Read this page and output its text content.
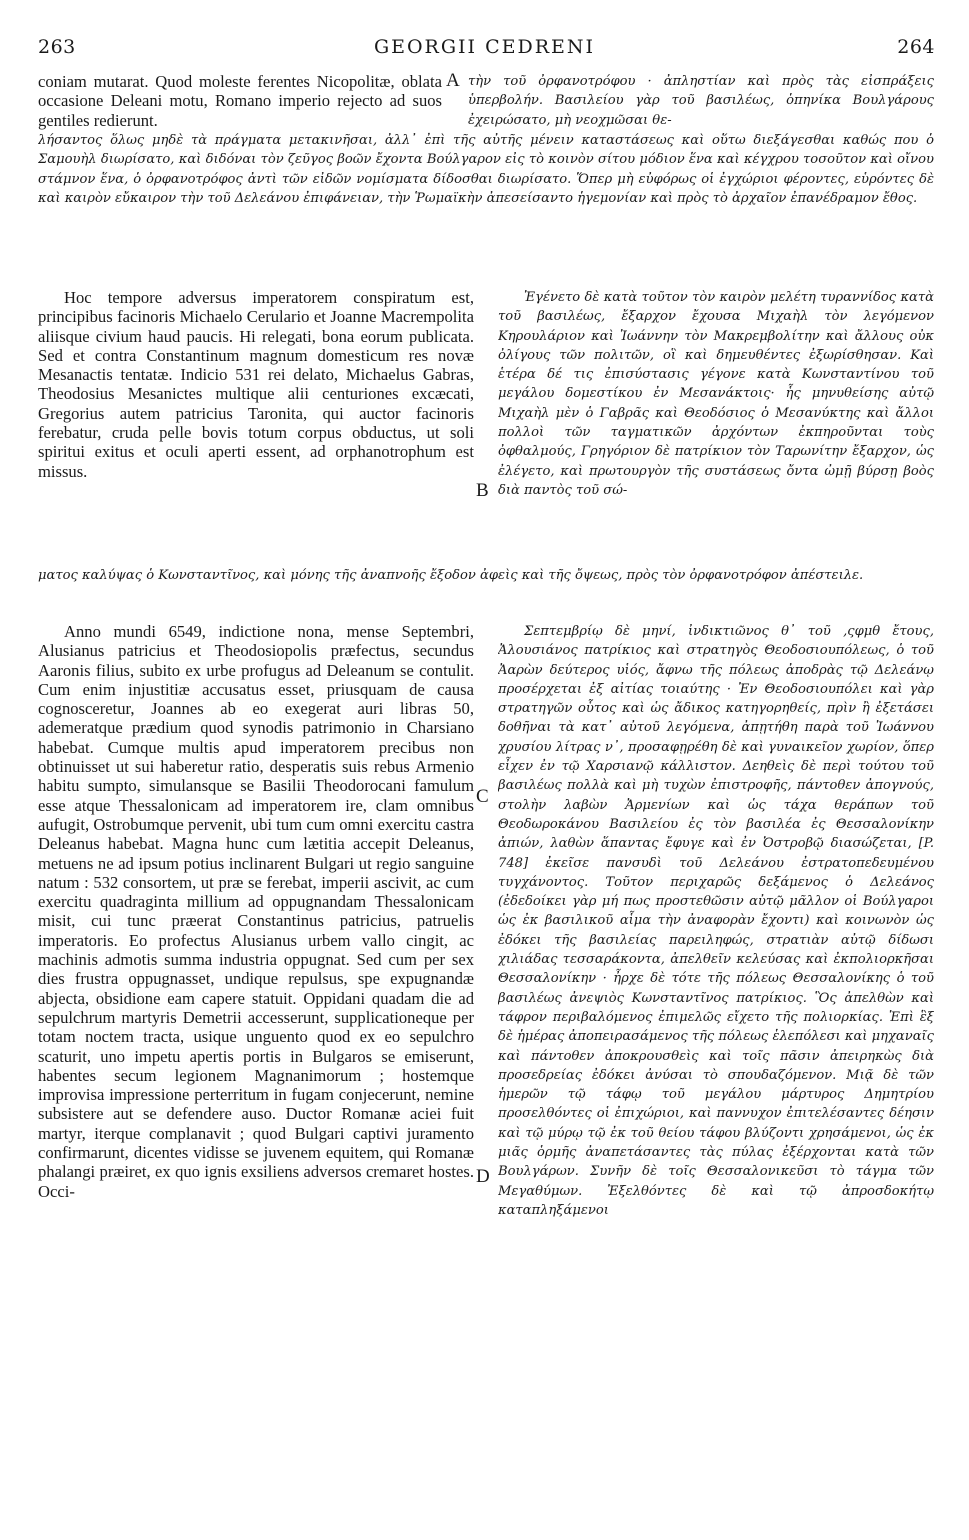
263	GEORGII CEDRENI	264
A
B
C
D
coniam mutarat. Quod moleste ferentes Nicopolitæ, oblata occasione Deleani motu, Romano imperio rejecto ad suos gentiles redierunt.
τὴν τοῦ ὀρφανοτρόφου · ἀπληστίαν καὶ πρὸς τὰς εἰσπράξεις ὑπερβολήν. Βασιλείου γὰρ τοῦ βασιλέως, ὁπηνίκα Βουλγάρους ἐχειρώσατο, μὴ νεοχμῶσαι θε-
λήσαντος ὅλως μηδὲ τὰ πράγματα μετακινῆσαι, ἀλλ᾽ ἐπὶ τῆς αὐτῆς μένειν καταστάσεως καὶ οὕτω διεξάγεσθαι καθώς που ὁ Σαμουὴλ διωρίσατο, καὶ διδόναι τὸν ζεῦγος βοῶν ἔχοντα Βούλγαρον εἰς τὸ κοινὸν σίτου μόδιον ἕνα καὶ κέγχρου τοσοῦτον καὶ οἴνου στάμνον ἕνα, ὁ ὀρφανοτρόφος ἀντὶ τῶν εἰδῶν νομίσματα δίδοσθαι διωρίσατο. Ὅπερ μὴ εὐφόρως οἱ ἐγχώριοι φέροντες, εὑρόντες δὲ καὶ καιρὸν εὔκαιρον τὴν τοῦ Δελεάνου ἐπιφάνειαν, τὴν Ῥωμαϊκὴν ἀπεσείσαντο ἡγεμονίαν καὶ πρὸς τὸ ἀρχαῖον ἐπανέδραμον ἔθος.
Hoc tempore adversus imperatorem conspiratum est, principibus facinoris Michaelo Cerulario et Joanne Macrempolita aliisque civium haud paucis. Hi relegati, bona eorum publicata. Sed et contra Constantinum magnum domesticum res novæ Mesanactis tentatæ. Indicio 531 rei delato, Michaelus Gabras, Theodosius Mesanictes multique alii centuriones excæcati, Gregorius autem patricius Taronita, qui auctor facinoris ferebatur, cruda pelle bovis totum corpus obductus, ut soli spiritui exitus et oculi aperti essent, ad orphanotrophum est missus.
Ἐγένετο δὲ κατὰ τοῦτον τὸν καιρὸν μελέτη τυραννίδος κατὰ τοῦ βασιλέως, ἔξαρχον ἔχουσα Μιχαὴλ τὸν λεγόμενον Κηρουλάριον καὶ Ἰωάννην τὸν Μακρεμβολίτην καὶ ἄλλους οὐκ ὀλίγους τῶν πολιτῶν, οἳ καὶ δημευθέντες ἐξωρίσθησαν. Καὶ ἑτέρα δέ τις ἐπισύστασις γέγονε κατὰ Κωνσταντίνου τοῦ μεγάλου δομεστίκου ἐν Μεσανάκτοις· ἧς μηνυθείσης αὐτῷ Μιχαὴλ μὲν ὁ Γαβρᾶς καὶ Θεοδόσιος ὁ Μεσανύκτης καὶ ἄλλοι πολλοὶ τῶν ταγματικῶν ἀρχόντων ἐκπηροῦνται τοὺς ὀφθαλμούς, Γρηγόριον δὲ πατρίκιον τὸν Ταρωνίτην ἔξαρχον, ὡς ἐλέγετο, καὶ πρωτουργὸν τῆς συστάσεως ὄντα ὠμῇ βύρσῃ βοὸς διὰ παντὸς τοῦ σώ-
ματος καλύψας ὁ Κωνσταντῖνος, καὶ μόνης τῆς ἀναπνοῆς ἔξοδον ἀφεὶς καὶ τῆς ὄψεως, πρὸς τὸν ὀρφανοτρόφον ἀπέστειλε.
Anno mundi 6549, indictione nona, mense Septembri, Alusianus patricius et Theodosiopolis præfectus, secundus Aaronis filius, subito ex urbe profugus ad Deleanum se contulit. Cum enim injustitiæ accusatus esset, priusquam de causa cognosceretur, Joannes ab eo exegerat auri libras 50, ademeratque prædium quod synodis patrimonio in Charsiano habebat. Cumque multis apud imperatorem precibus non obtinuisset ut sui haberetur ratio, desperatis suis rebus Armenio habitu sumpto, simulansque se Basilii Theodorocani famulum esse atque Thessalonicam ad imperatorem ire, clam omnibus aufugit, Ostrobumque pervenit, ubi tum cum omni exercitu castra Deleanus habebat. Magna hunc cum lætitia accepit Deleanus, metuens ne ad ipsum potius inclinarent Bulgari ut regio sanguine natum : 532 consortem, ut præ se ferebat, imperii ascivit, ac cum exercitu quadraginta millium ad oppugnandam Thessalonicam misit, cui tunc præerat Constantinus patricius, patruelis imperatoris. Eo profectus Alusianus urbem vallo cingit, ac machinis admotis summa industria oppugnat. Sed cum per sex dies frustra oppugnasset, undique repulsus, spe expugnandæ abjecta, obsidione eam capere statuit. Oppidani quadam die ad sepulchrum martyris Demetrii accesserunt, supplicationeque per totam noctem tracta, usique unguento quod ex eo sepulchro scaturit, uno impetu apertis portis in Bulgaros se emiserunt, habentes secum legionem Magnanimorum ; hostemque improvisa impressione perterritum in fugam conjecerunt, nemine subsistere aut se defendere auso. Ductor Romanæ aciei fuit martyr, iterque complanavit ; quod Bulgari captivi juramento confirmarunt, dicentes vidisse se juvenem equitem, qui Romanæ phalangi præiret, ex quo ignis exsiliens adversos cremaret hostes. Occi-
Σεπτεμβρίῳ δὲ μηνί, ἰνδικτιῶνος θ᾽ τοῦ ,ςφμθ ἔτους, Ἀλουσιάνος πατρίκιος καὶ στρατηγὸς Θεοδοσιουπόλεως, ὁ τοῦ Ἀαρὼν δεύτερος υἱός, ἄφνω τῆς πόλεως ἀποδρὰς τῷ Δελεάνῳ προσέρχεται ἐξ αἰτίας τοιαύτης · Ἐν Θεοδοσιουπόλει καὶ γὰρ στρατηγῶν οὗτος καὶ ὡς ἄδικος κατηγορηθείς, πρὶν ἢ ἐξετάσει δοθῆναι τὰ κατ᾽ αὐτοῦ λεγόμενα, ἀπῃτήθη παρὰ τοῦ Ἰωάννου χρυσίου λίτρας ν᾽, προσαφῃρέθη δὲ καὶ γυναικεῖον χωρίον, ὅπερ εἶχεν ἐν τῷ Χαρσιανῷ κάλλιστον. Δεηθεὶς δὲ περὶ τούτου τοῦ βασιλέως πολλὰ καὶ μὴ τυχὼν ἐπιστροφῆς, πάντοθεν ἀπογνούς, στολὴν λαβὼν Ἀρμενίων καὶ ὡς τάχα θεράπων τοῦ Θεοδωροκάνου Βασιλείου ἐς τὸν βασιλέα ἐς Θεσσαλονίκην ἀπιών, λαθὼν ἅπαντας ἔφυγε καὶ ἐν Ὀστροβῷ διασώζεται, [P. 748] ἐκεῖσε πανσυδὶ τοῦ Δελεάνου ἐστρατοπεδευμένου τυγχάνοντος. Τοῦτον περιχαρῶς δεξάμενος ὁ Δελεάνος (ἐδεδοίκει γὰρ μή πως προστεθῶσιν αὐτῷ μᾶλλον οἱ Βούλγαροι ὡς ἐκ βασιλικοῦ αἷμα τὴν ἀναφορὰν ἔχοντι) καὶ κοινωνὸν ὡς ἐδόκει τῆς βασιλείας παρειληφώς, στρατιὰν αὐτῷ δίδωσι χιλιάδας τεσσαράκοντα, ἀπελθεῖν κελεύσας καὶ ἐκπολιορκῆσαι Θεσσαλονίκην · ἦρχε δὲ τότε τῆς πόλεως Θεσσαλονίκης ὁ τοῦ βασιλέως ἀνεψιὸς Κωνσταντῖνος πατρίκιος. Ὃς ἀπελθὼν καὶ τάφρον περιβαλόμενος ἐπιμελῶς εἴχετο τῆς πολιορκίας. Ἐπὶ ἓξ δὲ ἡμέρας ἀποπειρασάμενος τῆς πόλεως ἑλεπόλεσι καὶ μηχαναῖς καὶ πάντοθεν ἀποκρουσθεὶς καὶ τοῖς πᾶσιν ἀπειρηκὼς διὰ προσεδρείας ἐδόκει ἀνύσαι τὸ σπουδαζόμενον. Μιᾷ δὲ τῶν ἡμερῶν τῷ τάφῳ τοῦ μεγάλου μάρτυρος Δημητρίου προσελθόντες οἱ ἐπιχώριοι, καὶ παννυχον ἐπιτελέσαντες δέησιν καὶ τῷ μύρῳ τῷ ἐκ τοῦ θείου τάφου βλύζοντι χρησάμενοι, ὡς ἐκ μιᾶς ὁρμῆς ἀναπετάσαντες τὰς πύλας ἐξέρχονται κατὰ τῶν Βουλγάρων. Συνῆν δὲ τοῖς Θεσσαλονικεῦσι τὸ τάγμα τῶν Μεγαθύμων. Ἐξελθόντες δὲ καὶ τῷ ἀπροσδοκήτῳ καταπληξάμενοι
